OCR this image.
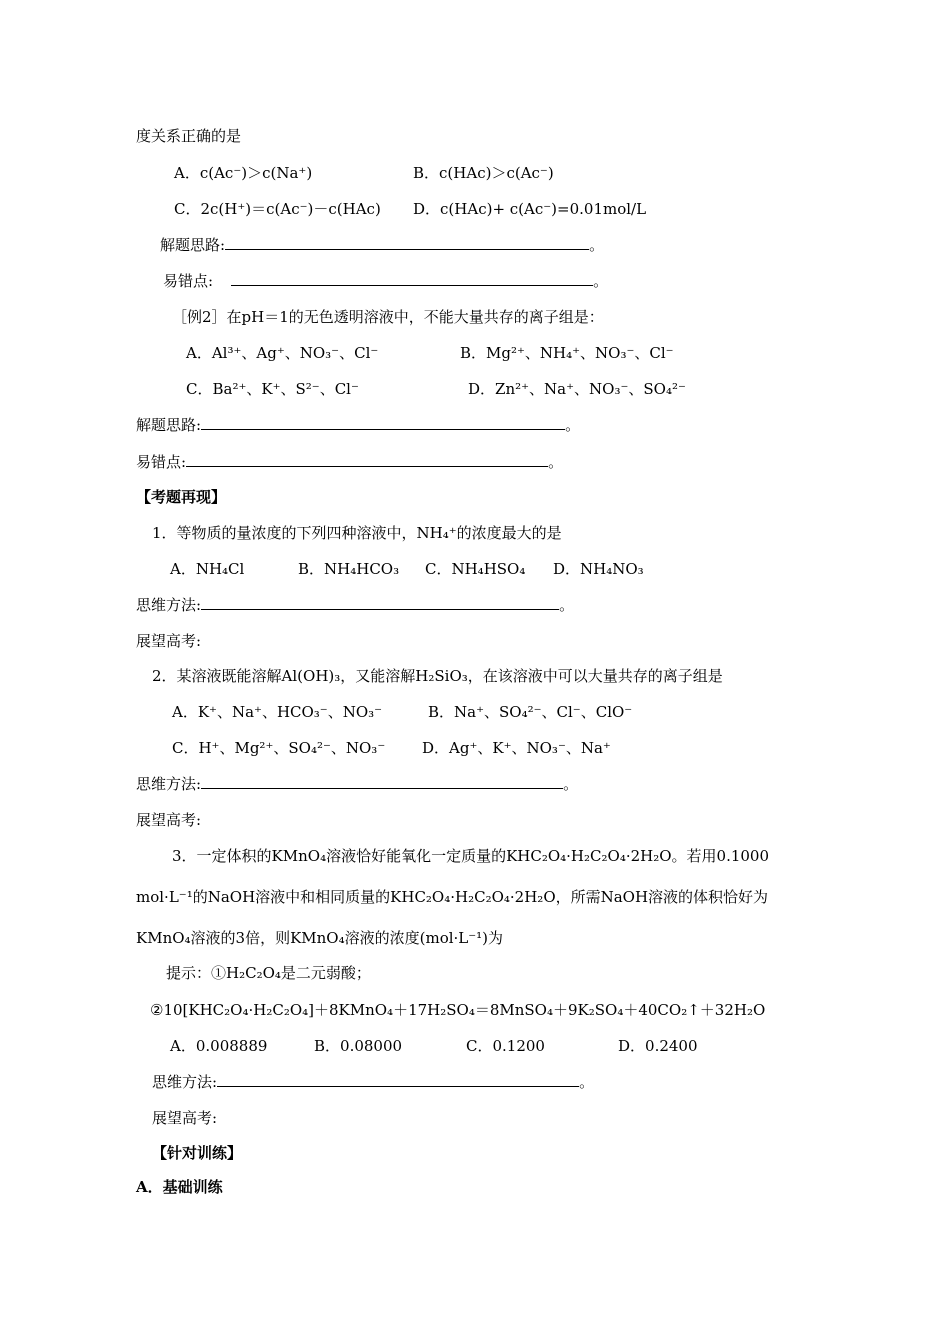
度关系正确的是
A．c(Ac⁻)＞c(Na⁺)	B．c(HAc)＞c(Ac⁻)
C．2c(H⁺)＝c(Ac⁻)－c(HAc) D．c(HAc)+ c(Ac⁻)=0.01mol/L
解题思路:	。
易错点:	。
［例2］在pH＝1的无色透明溶液中，不能大量共存的离子组是：
A．Al³⁺、Ag⁺、NO₃⁻、Cl⁻	B．Mg²⁺、NH₄⁺、NO₃⁻、Cl⁻
C．Ba²⁺、K⁺、S²⁻、Cl⁻	D．Zn²⁺、Na⁺、NO₃⁻、SO₄²⁻
解题思路:	。
易错点:	。
【考题再现】
1．等物质的量浓度的下列四种溶液中，NH₄⁺的浓度最大的是
A．NH₄Cl	B．NH₄HCO₃ C．NH₄HSO₄ D．NH₄NO₃
思维方法:	。
展望高考:
2．某溶液既能溶解Al(OH)₃，又能溶解H₂SiO₃，在该溶液中可以大量共存的离子组是
A．K⁺、Na⁺、HCO₃⁻、NO₃⁻	B．Na⁺、SO₄²⁻、Cl⁻、ClO⁻
C．H⁺、Mg²⁺、SO₄²⁻、NO₃⁻ D．Ag⁺、K⁺、NO₃⁻、Na⁺
思维方法:	。
展望高考:
3．一定体积的KMnO₄溶液恰好能氧化一定质量的KHC₂O₄·H₂C₂O₄·2H₂O。若用0.1000
mol·L⁻¹的NaOH溶液中和相同质量的KHC₂O₄·H₂C₂O₄·2H₂O，所需NaOH溶液的体积恰好为
KMnO₄溶液的3倍，则KMnO₄溶液的浓度(mol·L⁻¹)为
提示：①H₂C₂O₄是二元弱酸；
②10[KHC₂O₄·H₂C₂O₄]＋8KMnO₄＋17H₂SO₄＝8MnSO₄＋9K₂SO₄＋40CO₂↑＋32H₂O
A．0.008889	B．0.08000	C．0.1200	D．0.2400
思维方法:	。
展望高考:
【针对训练】
A．基础训练
